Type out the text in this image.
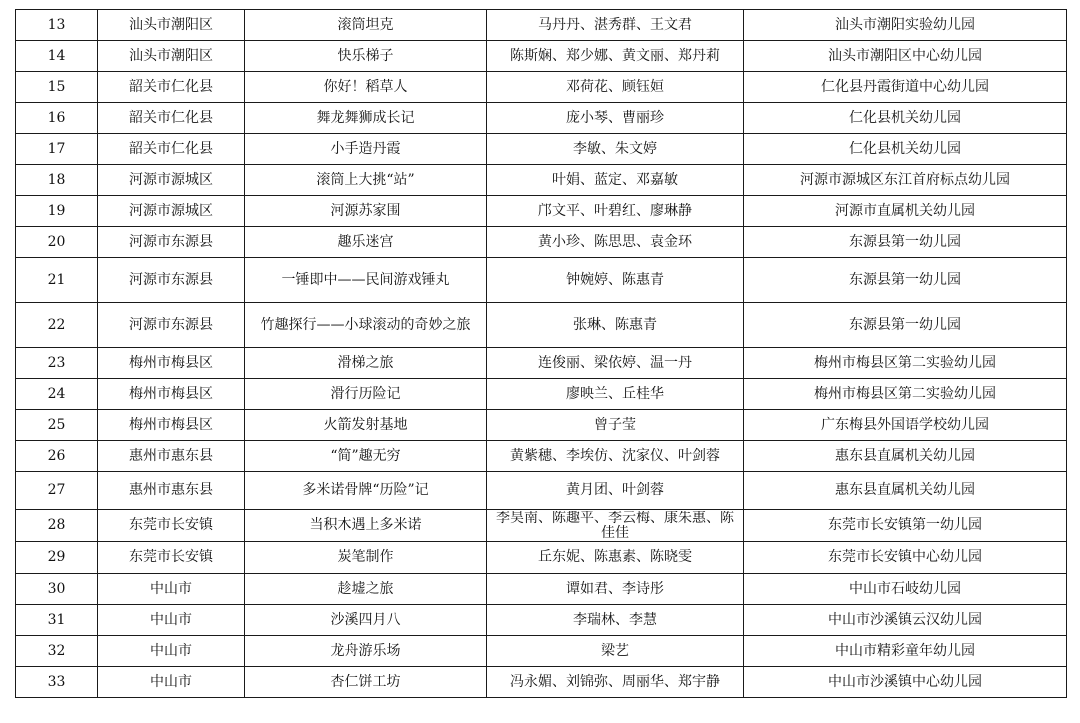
13	汕头市潮阳区	滚筒坦克	马丹丹、湛秀群、王文君	汕头市潮阳实验幼儿园
14	汕头市潮阳区	快乐梯子	陈斯娴、郑少娜、黄文丽、郑丹莉	汕头市潮阳区中心幼儿园
15	韶关市仁化县	你好！稻草人	邓荷花、顾钰姮	仁化县丹霞街道中心幼儿园
16	韶关市仁化县	舞龙舞狮成长记	庞小琴、曹丽珍	仁化县机关幼儿园
17	韶关市仁化县	小手造丹霞	李敏、朱文婷	仁化县机关幼儿园
18	河源市源城区	滚筒上大挑“站”	叶娟、蓝定、邓嘉敏	河源市源城区东江首府标点幼儿园
19	河源市源城区	河源苏家围	邝文平、叶碧红、廖琳静	河源市直属机关幼儿园
20	河源市东源县	趣乐迷宫	黄小珍、陈思思、袁金环	东源县第一幼儿园
21	河源市东源县	一锤即中——民间游戏锤丸	钟婉婷、陈惠青	东源县第一幼儿园
22	河源市东源县	竹趣探行——小球滚动的奇妙之旅	张琳、陈惠青	东源县第一幼儿园
23	梅州市梅县区	滑梯之旅	连俊丽、梁依婷、温一丹	梅州市梅县区第二实验幼儿园
24	梅州市梅县区	滑行历险记	廖映兰、丘桂华	梅州市梅县区第二实验幼儿园
25	梅州市梅县区	火箭发射基地	曾子莹	广东梅县外国语学校幼儿园
26	惠州市惠东县	“简”趣无穷	黄紫穗、李埃仿、沈家仪、叶剑蓉	惠东县直属机关幼儿园
27	惠州市惠东县	多米诺骨牌“历险”记	黄月团、叶剑蓉	惠东县直属机关幼儿园
28	东莞市长安镇	当积木遇上多米诺	李昊南、陈趣平、李云梅、康朱惠、陈佳佳	东莞市长安镇第一幼儿园
29	东莞市长安镇	炭笔制作	丘东妮、陈惠素、陈晓雯	东莞市长安镇中心幼儿园
30	中山市	趁墟之旅	谭如君、李诗彤	中山市石岐幼儿园
31	中山市	沙溪四月八	李瑞林、李慧	中山市沙溪镇云汉幼儿园
32	中山市	龙舟游乐场	梁艺	中山市精彩童年幼儿园
33	中山市	杏仁饼工坊	冯永媚、刘锦弥、周丽华、郑宇静	中山市沙溪镇中心幼儿园
